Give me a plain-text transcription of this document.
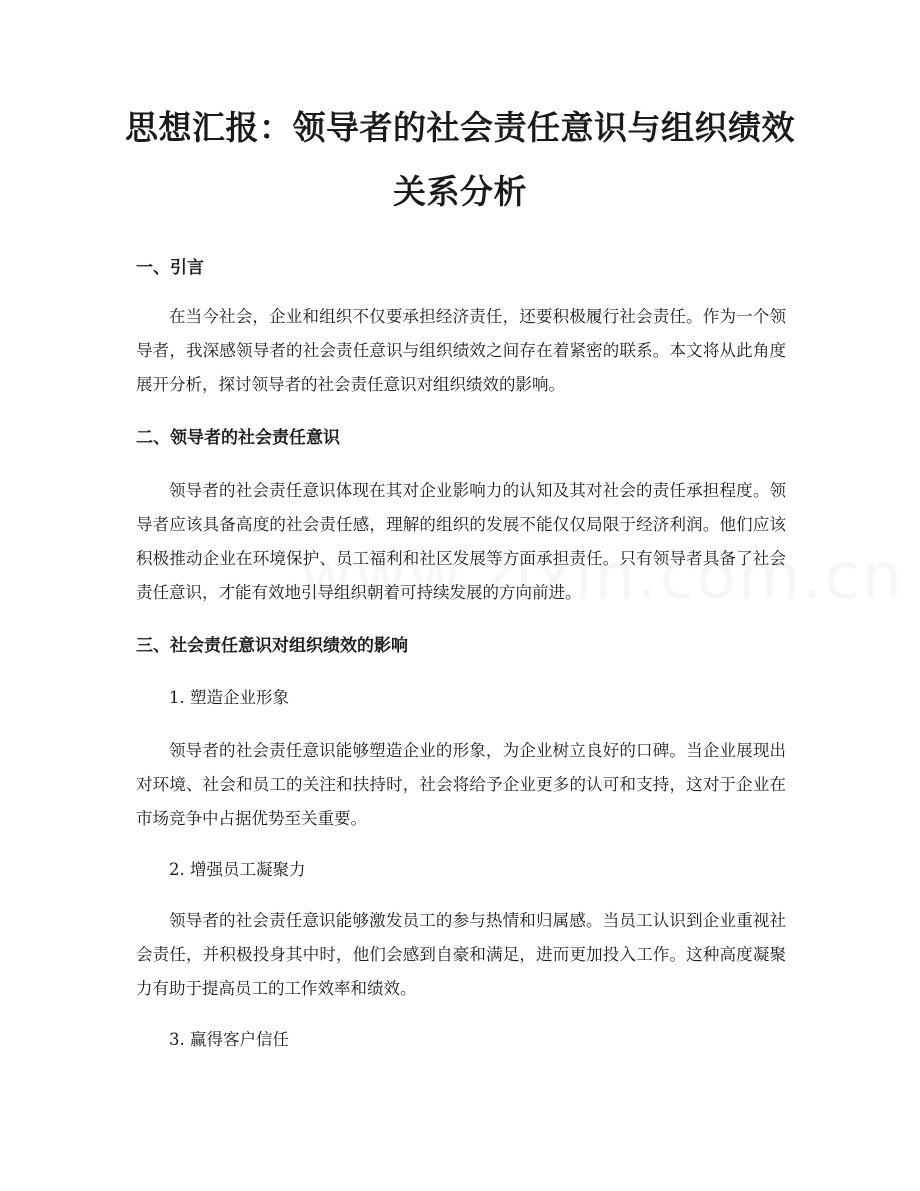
思想汇报：领导者的社会责任意识与组织绩效关系分析
一、引言

在当今社会，企业和组织不仅要承担经济责任，还要积极履行社会责任。作为一个领导者，我深感领导者的社会责任意识与组织绩效之间存在着紧密的联系。本文将从此角度展开分析，探讨领导者的社会责任意识对组织绩效的影响。

二、领导者的社会责任意识

领导者的社会责任意识体现在其对企业影响力的认知及其对社会的责任承担程度。领导者应该具备高度的社会责任感，理解的组织的发展不能仅仅局限于经济利润。他们应该积极推动企业在环境保护、员工福利和社区发展等方面承担责任。只有领导者具备了社会责任意识，才能有效地引导组织朝着可持续发展的方向前进。

三、社会责任意识对组织绩效的影响

1. 塑造企业形象

领导者的社会责任意识能够塑造企业的形象，为企业树立良好的口碑。当企业展现出对环境、社会和员工的关注和扶持时，社会将给予企业更多的认可和支持，这对于企业在市场竞争中占据优势至关重要。

2. 增强员工凝聚力

领导者的社会责任意识能够激发员工的参与热情和归属感。当员工认识到企业重视社会责任，并积极投身其中时，他们会感到自豪和满足，进而更加投入工作。这种高度凝聚力有助于提高员工的工作效率和绩效。

3. 赢得客户信任
